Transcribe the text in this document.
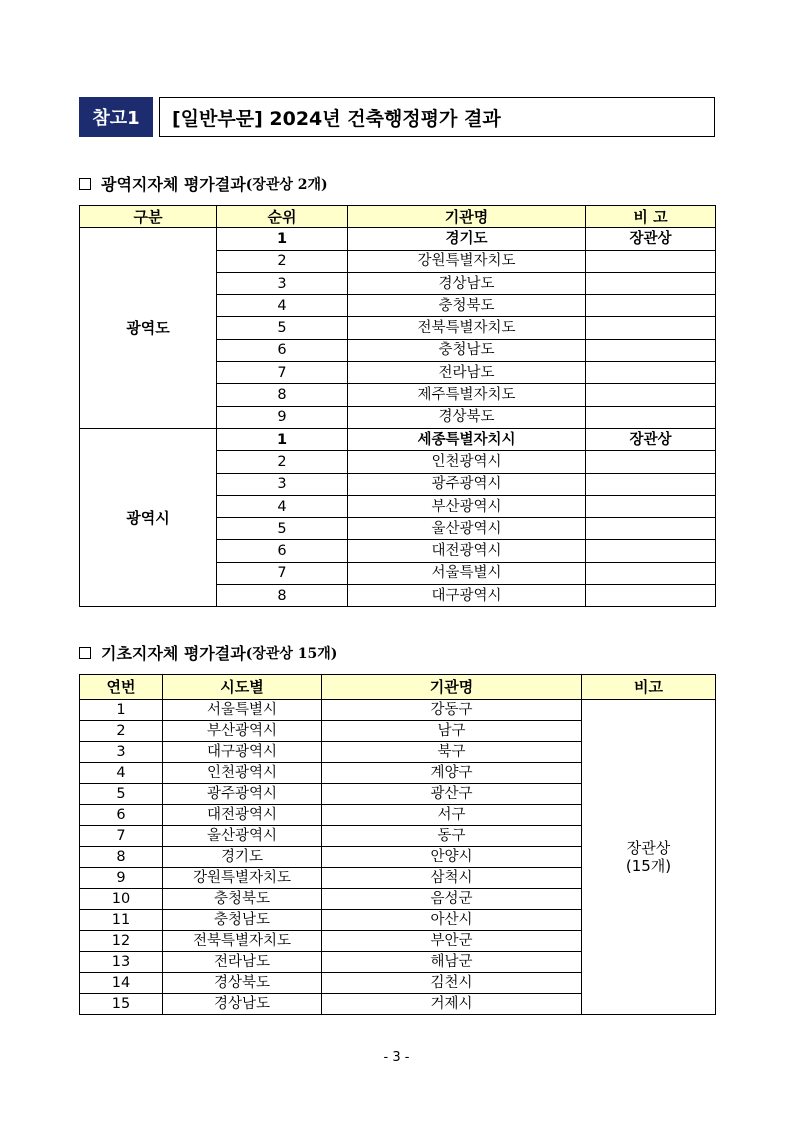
참고1	[일반부문] 2024년 건축행정평가 결과
광역지자체 평가결과 (장관상 2개)
구분	순위	기관명	비 고
광역도	1	경기도	장관상
	2	강원특별자치도	
	3	경상남도	
	4	충청북도	
	5	전북특별자치도	
	6	충청남도	
	7	전라남도	
	8	제주특별자치도	
	9	경상북도	
광역시	1	세종특별자치시	장관상
	2	인천광역시	
	3	광주광역시	
	4	부산광역시	
	5	울산광역시	
	6	대전광역시	
	7	서울특별시	
	8	대구광역시	
기초지자체 평가결과 (장관상 15개)
연번	시도별	기관명	비고
1	서울특별시	강동구	장관상
(15개)
2	부산광역시	남구	
3	대구광역시	북구	
4	인천광역시	계양구	
5	광주광역시	광산구	
6	대전광역시	서구	
7	울산광역시	동구	
8	경기도	안양시	
9	강원특별자치도	삼척시	
10	충청북도	음성군	
11	충청남도	아산시	
12	전북특별자치도	부안군	
13	전라남도	해남군	
14	경상북도	김천시	
15	경상남도	거제시	
- 3 -
